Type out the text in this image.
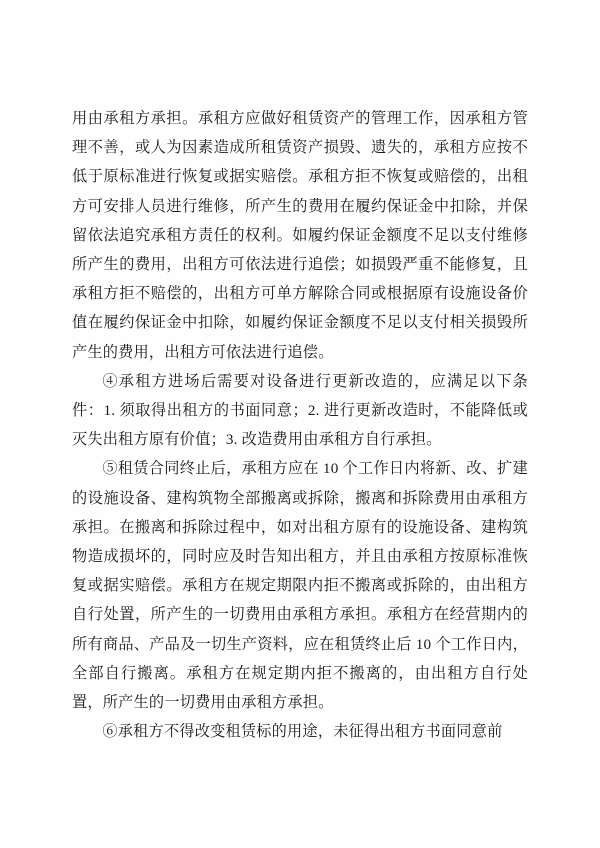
用由承租方承担。承租方应做好租赁资产的管理工作，因承租方管理不善，或人为因素造成所租赁资产损毁、遗失的，承租方应按不低于原标准进行恢复或据实赔偿。承租方拒不恢复或赔偿的，出租方可安排人员进行维修，所产生的费用在履约保证金中扣除，并保留依法追究承租方责任的权利。如履约保证金额度不足以支付维修所产生的费用，出租方可依法进行追偿；如损毁严重不能修复，且承租方拒不赔偿的，出租方可单方解除合同或根据原有设施设备价值在履约保证金中扣除，如履约保证金额度不足以支付相关损毁所产生的费用，出租方可依法进行追偿。

④承租方进场后需要对设备进行更新改造的，应满足以下条件：1. 须取得出租方的书面同意；2. 进行更新改造时，不能降低或灭失出租方原有价值；3. 改造费用由承租方自行承担。

⑤租赁合同终止后，承租方应在 10 个工作日内将新、改、扩建的设施设备、建构筑物全部搬离或拆除，搬离和拆除费用由承租方承担。在搬离和拆除过程中，如对出租方原有的设施设备、建构筑物造成损坏的，同时应及时告知出租方，并且由承租方按原标准恢复或据实赔偿。承租方在规定期限内拒不搬离或拆除的，由出租方自行处置，所产生的一切费用由承租方承担。承租方在经营期内的所有商品、产品及一切生产资料，应在租赁终止后 10 个工作日内，全部自行搬离。承租方在规定期内拒不搬离的，由出租方自行处置，所产生的一切费用由承租方承担。

⑥承租方不得改变租赁标的用途，未征得出租方书面同意前
